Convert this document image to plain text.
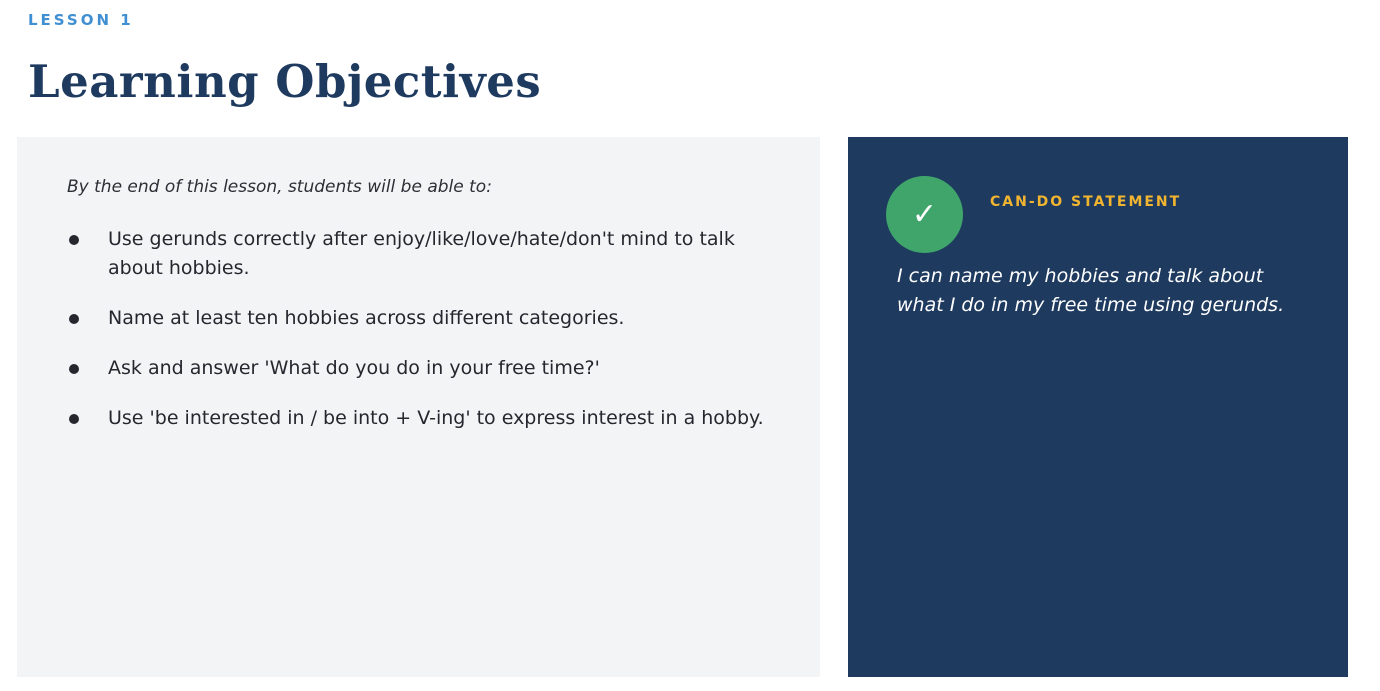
LESSON 1
Learning Objectives
By the end of this lesson, students will be able to:
Use gerunds correctly after enjoy/like/love/hate/don't mind to talk about hobbies.
Name at least ten hobbies across different categories.
Ask and answer 'What do you do in your free time?'
Use 'be interested in / be into + V-ing' to express interest in a hobby.
✓	CAN-DO STATEMENT
I can name my hobbies and talk about what I do in my free time using gerunds.
